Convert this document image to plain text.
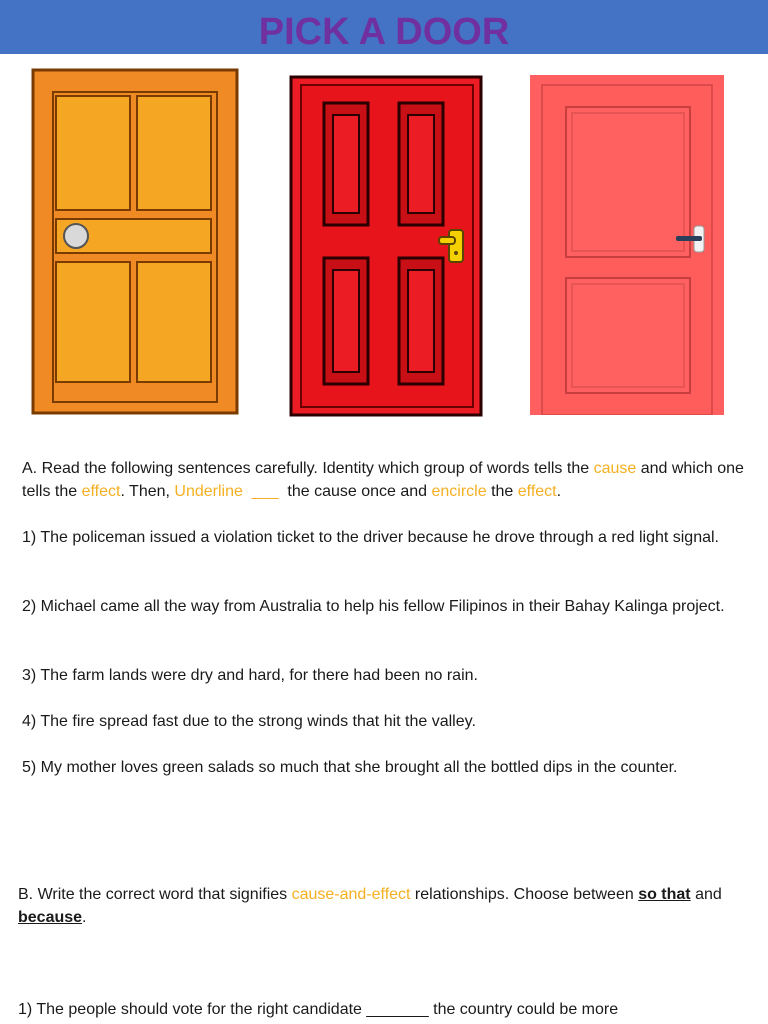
PICK A DOOR
A. Read the following sentences carefully. Identity which group of words tells the cause and which one tells the effect. Then, Underline ___  the cause once and encircle the effect.
1) The policeman issued a violation ticket to the driver because he drove through a red light signal.
2) Michael came all the way from Australia to help his fellow Filipinos in their Bahay Kalinga project.
3) The farm lands were dry and hard, for there had been no rain.
4) The fire spread fast due to the strong winds that hit the valley.
5) My mother loves green salads so much that she brought all the bottled dips in the counter.
B. Write the correct word that signifies cause-and-effect relationships. Choose between so that and because.
1) The people should vote for the right candidate _______ the country could be more
